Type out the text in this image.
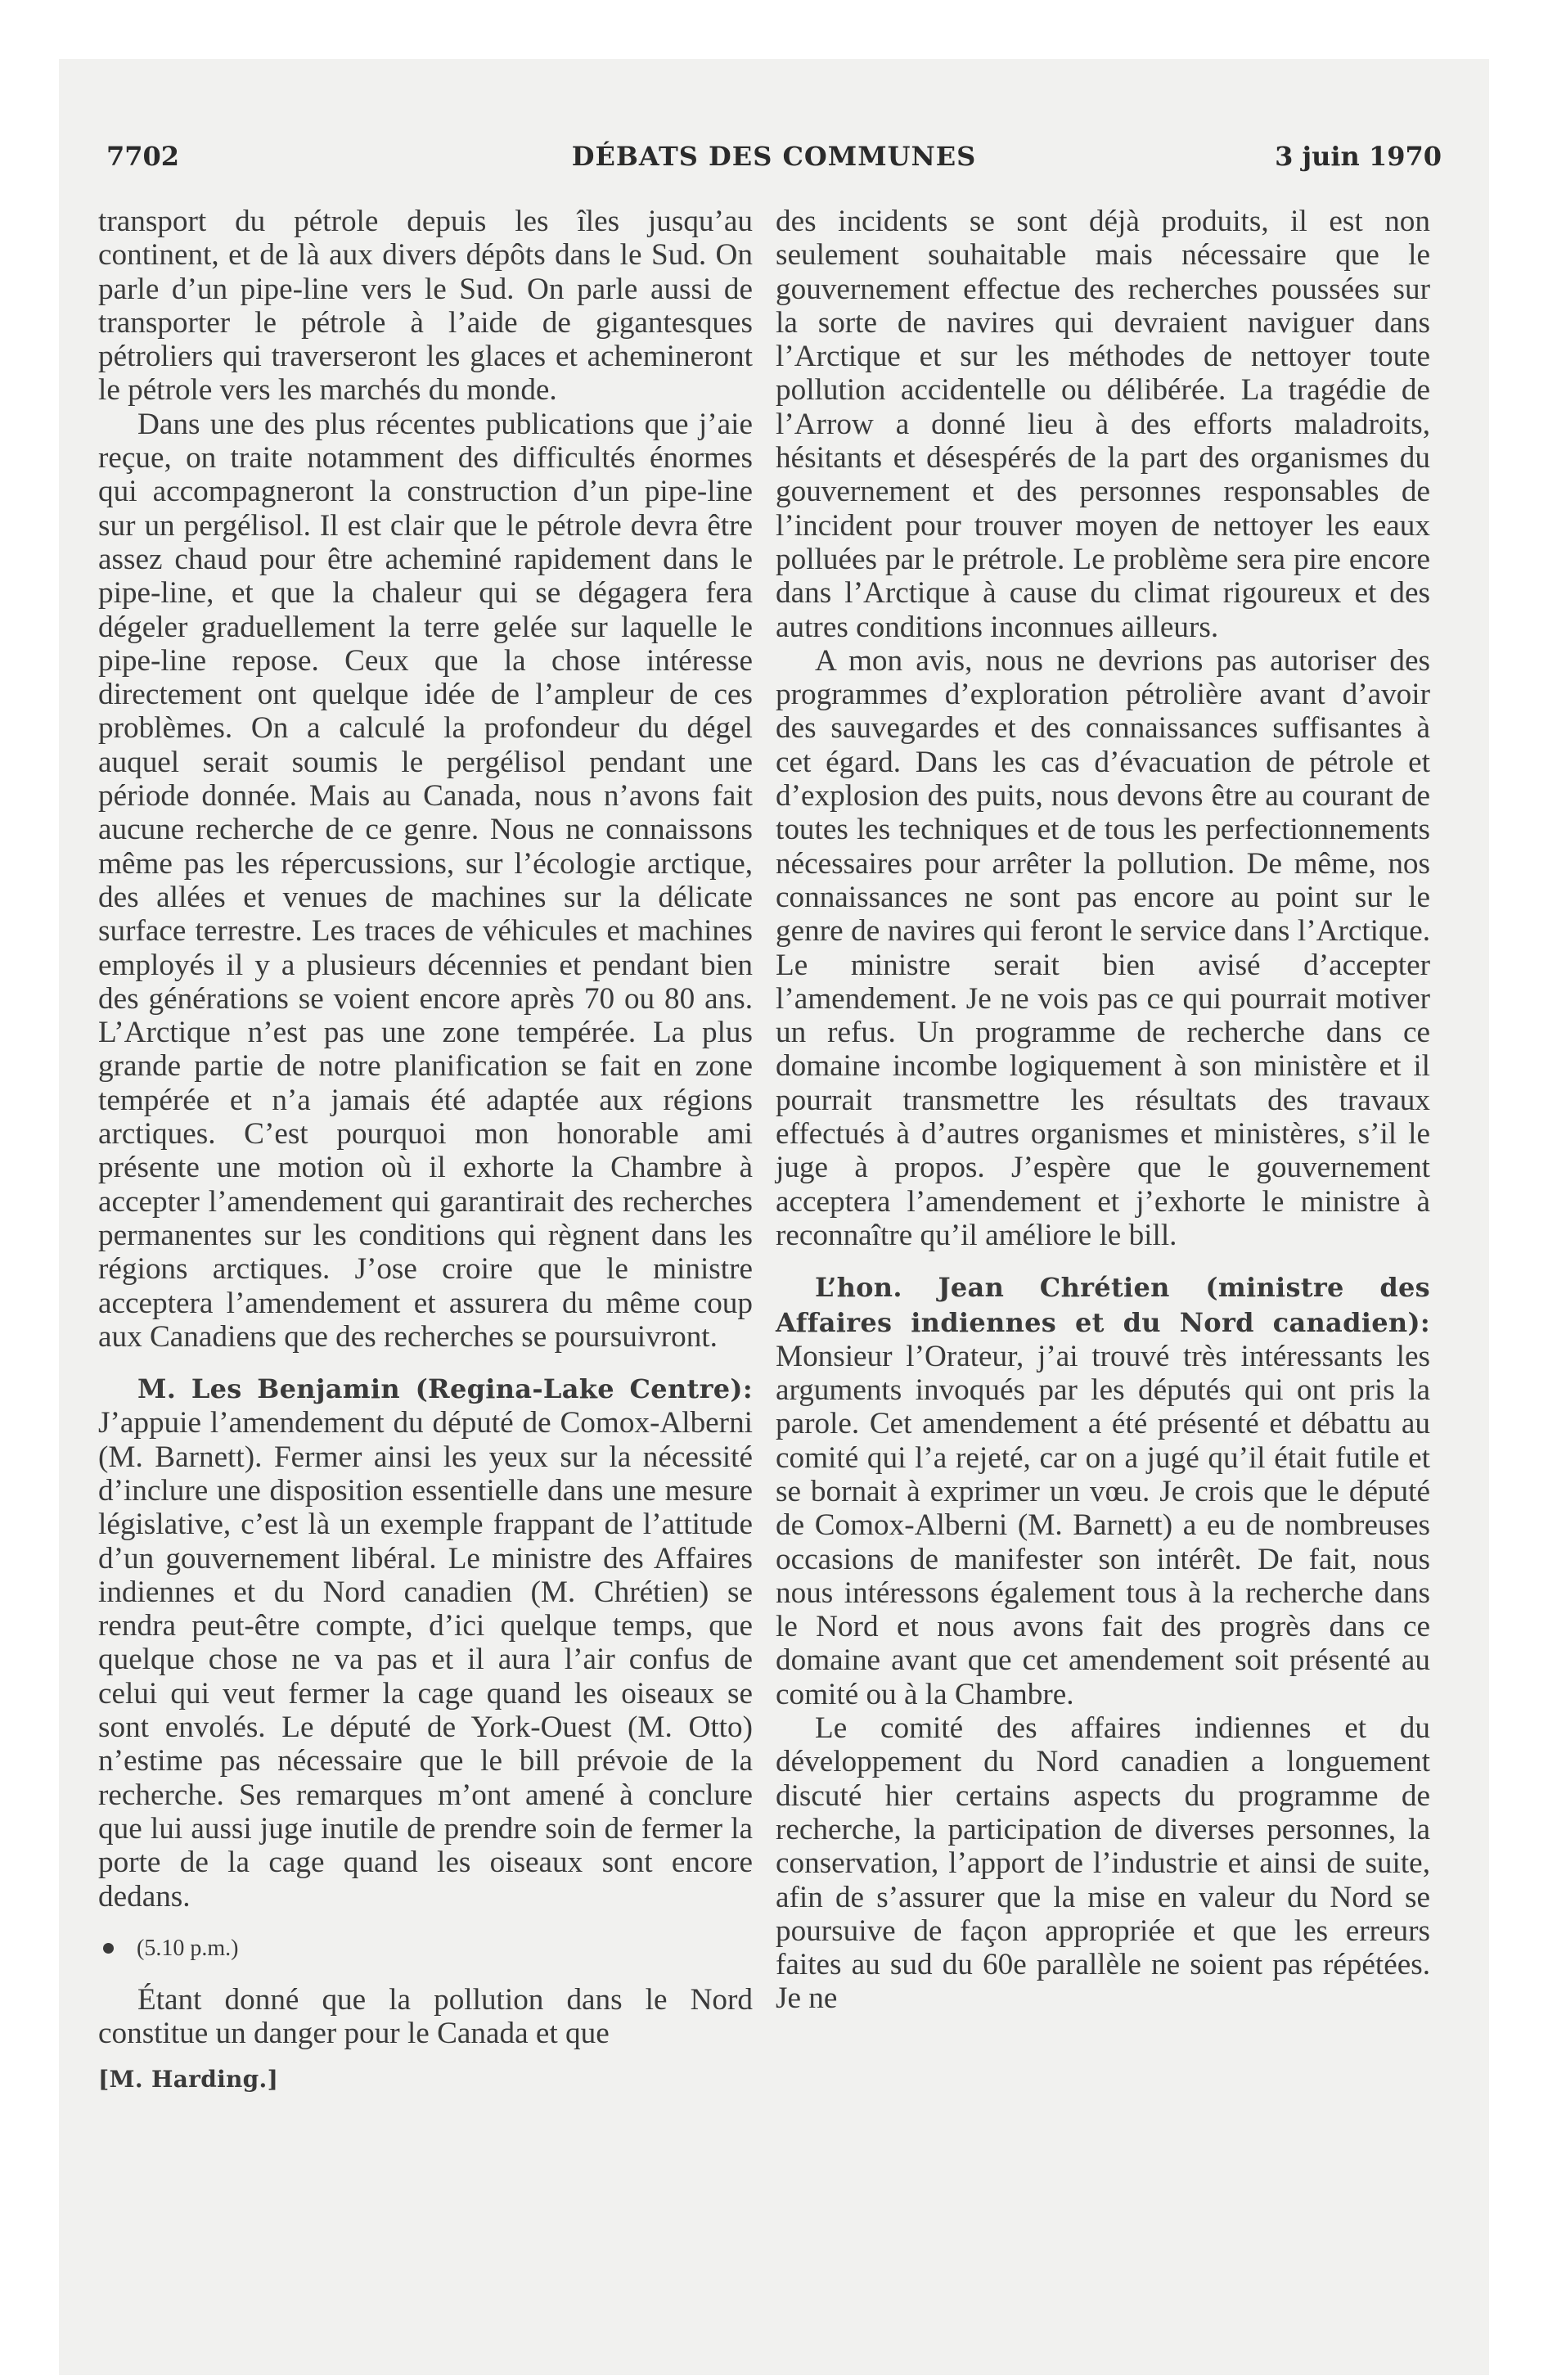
7702	DÉBATS DES COMMUNES	3 juin 1970

transport du pétrole depuis les îles jusqu’au continent, et de là aux divers dépôts dans le Sud. On parle d’un pipe-line vers le Sud. On parle aussi de transporter le pétrole à l’aide de gigantesques pétroliers qui traverseront les glaces et achemineront le pétrole vers les marchés du monde.

Dans une des plus récentes publications que j’aie reçue, on traite notamment des difficultés énormes qui accompagneront la construction d’un pipe-line sur un pergélisol. Il est clair que le pétrole devra être assez chaud pour être acheminé rapidement dans le pipe-line, et que la chaleur qui se dégagera fera dégeler graduellement la terre gelée sur laquelle le pipe-line repose. Ceux que la chose intéresse directement ont quelque idée de l’ampleur de ces problèmes. On a calculé la profondeur du dégel auquel serait soumis le pergélisol pendant une période donnée. Mais au Canada, nous n’avons fait aucune recherche de ce genre. Nous ne connaissons même pas les répercussions, sur l’écologie arctique, des allées et venues de machines sur la délicate surface terrestre. Les traces de véhicules et machines employés il y a plusieurs décennies et pendant bien des générations se voient encore après 70 ou 80 ans. L’Arctique n’est pas une zone tempérée. La plus grande partie de notre planification se fait en zone tempérée et n’a jamais été adaptée aux régions arctiques. C’est pourquoi mon honorable ami présente une motion où il exhorte la Chambre à accepter l’amendement qui garantirait des recherches permanentes sur les conditions qui règnent dans les régions arctiques. J’ose croire que le ministre acceptera l’amendement et assurera du même coup aux Canadiens que des recherches se poursuivront.

M. Les Benjamin (Regina-Lake Centre): J’appuie l’amendement du député de Comox-Alberni (M. Barnett). Fermer ainsi les yeux sur la nécessité d’inclure une disposition essentielle dans une mesure législative, c’est là un exemple frappant de l’attitude d’un gouvernement libéral. Le ministre des Affaires indiennes et du Nord canadien (M. Chrétien) se rendra peut-être compte, d’ici quelque temps, que quelque chose ne va pas et il aura l’air confus de celui qui veut fermer la cage quand les oiseaux se sont envolés. Le député de York-Ouest (M. Otto) n’estime pas nécessaire que le bill prévoie de la recherche. Ses remarques m’ont amené à conclure que lui aussi juge inutile de prendre soin de fermer la porte de la cage quand les oiseaux sont encore dedans.

(5.10 p.m.)

Étant donné que la pollution dans le Nord constitue un danger pour le Canada et que

[M. Harding.]

des incidents se sont déjà produits, il est non seulement souhaitable mais nécessaire que le gouvernement effectue des recherches poussées sur la sorte de navires qui devraient naviguer dans l’Arctique et sur les méthodes de nettoyer toute pollution accidentelle ou délibérée. La tragédie de l’Arrow a donné lieu à des efforts maladroits, hésitants et désespérés de la part des organismes du gouvernement et des personnes responsables de l’incident pour trouver moyen de nettoyer les eaux polluées par le prétrole. Le problème sera pire encore dans l’Arctique à cause du climat rigoureux et des autres conditions inconnues ailleurs.

A mon avis, nous ne devrions pas autoriser des programmes d’exploration pétrolière avant d’avoir des sauvegardes et des connaissances suffisantes à cet égard. Dans les cas d’évacuation de pétrole et d’explosion des puits, nous devons être au courant de toutes les techniques et de tous les perfectionnements nécessaires pour arrêter la pollution. De même, nos connaissances ne sont pas encore au point sur le genre de navires qui feront le service dans l’Arctique. Le ministre serait bien avisé d’accepter l’amendement. Je ne vois pas ce qui pourrait motiver un refus. Un programme de recherche dans ce domaine incombe logiquement à son ministère et il pourrait transmettre les résultats des travaux effectués à d’autres organismes et ministères, s’il le juge à propos. J’espère que le gouvernement acceptera l’amendement et j’exhorte le ministre à reconnaître qu’il améliore le bill.

L’hon. Jean Chrétien (ministre des Affaires indiennes et du Nord canadien): Monsieur l’Orateur, j’ai trouvé très intéressants les arguments invoqués par les députés qui ont pris la parole. Cet amendement a été présenté et débattu au comité qui l’a rejeté, car on a jugé qu’il était futile et se bornait à exprimer un vœu. Je crois que le député de Comox-Alberni (M. Barnett) a eu de nombreuses occasions de manifester son intérêt. De fait, nous nous intéressons également tous à la recherche dans le Nord et nous avons fait des progrès dans ce domaine avant que cet amendement soit présenté au comité ou à la Chambre.

Le comité des affaires indiennes et du développement du Nord canadien a longuement discuté hier certains aspects du programme de recherche, la participation de diverses personnes, la conservation, l’apport de l’industrie et ainsi de suite, afin de s’assurer que la mise en valeur du Nord se poursuive de façon appropriée et que les erreurs faites au sud du 60e parallèle ne soient pas répétées. Je ne
